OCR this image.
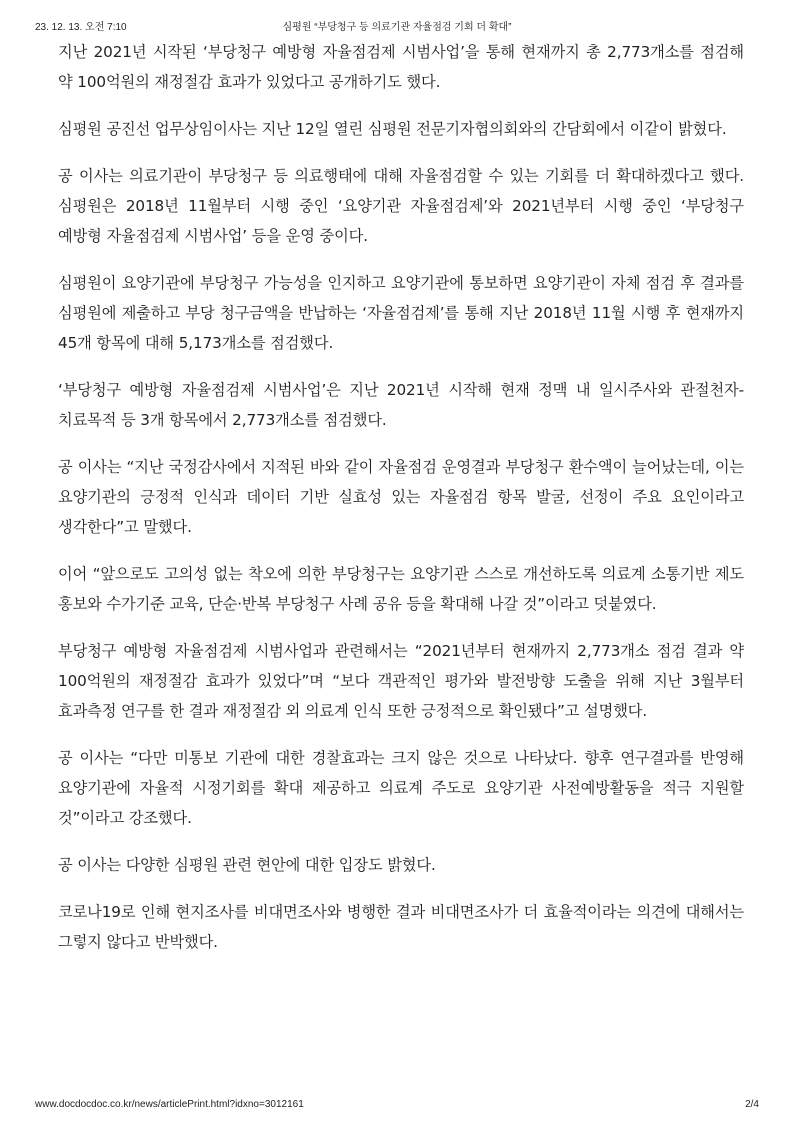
23. 12. 13. 오전 7:10	심평원 “부당청구 등 의료기관 자율점검 기회 더 확대”

지난 2021년 시작된 ‘부당청구 예방형 자율점검제 시범사업’을 통해 현재까지 총 2,773개소를 점검해 약 100억원의 재정절감 효과가 있었다고 공개하기도 했다.

심평원 공진선 업무상임이사는 지난 12일 열린 심평원 전문기자협의회와의 간담회에서 이같이 밝혔다.

공 이사는 의료기관이 부당청구 등 의료행태에 대해 자율점검할 수 있는 기회를 더 확대하겠다고 했다. 심평원은 2018년 11월부터 시행 중인 ‘요양기관 자율점검제’와 2021년부터 시행 중인 ‘부당청구 예방형 자율점검제 시범사업’ 등을 운영 중이다.

심평원이 요양기관에 부당청구 가능성을 인지하고 요양기관에 통보하면 요양기관이 자체 점검 후 결과를 심평원에 제출하고 부당 청구금액을 반납하는 ‘자율점검제’를 통해 지난 2018년 11월 시행 후 현재까지 45개 항목에 대해 5,173개소를 점검했다.

‘부당청구 예방형 자율점검제 시범사업’은 지난 2021년 시작해 현재 정맥 내 일시주사와 관절천자-치료목적 등 3개 항목에서 2,773개소를 점검했다.

공 이사는 “지난 국정감사에서 지적된 바와 같이 자율점검 운영결과 부당청구 환수액이 늘어났는데, 이는 요양기관의 긍정적 인식과 데이터 기반 실효성 있는 자율점검 항목 발굴, 선정이 주요 요인이라고 생각한다”고 말했다.

이어 “앞으로도 고의성 없는 착오에 의한 부당청구는 요양기관 스스로 개선하도록 의료계 소통기반 제도 홍보와 수가기준 교육, 단순·반복 부당청구 사례 공유 등을 확대해 나갈 것”이라고 덧붙였다.

부당청구 예방형 자율점검제 시범사업과 관련해서는 “2021년부터 현재까지 2,773개소 점검 결과 약 100억원의 재정절감 효과가 있었다”며 “보다 객관적인 평가와 발전방향 도출을 위해 지난 3월부터 효과측정 연구를 한 결과 재정절감 외 의료계 인식 또한 긍정적으로 확인됐다”고 설명했다.

공 이사는 “다만 미통보 기관에 대한 경찰효과는 크지 않은 것으로 나타났다. 향후 연구결과를 반영해 요양기관에 자율적 시정기회를 확대 제공하고 의료계 주도로 요양기관 사전예방활동을 적극 지원할 것”이라고 강조했다.

공 이사는 다양한 심평원 관련 현안에 대한 입장도 밝혔다.

코로나19로 인해 현지조사를 비대면조사와 병행한 결과 비대면조사가 더 효율적이라는 의견에 대해서는 그렇지 않다고 반박했다.

www.docdocdoc.co.kr/news/articlePrint.html?idxno=3012161	2/4
